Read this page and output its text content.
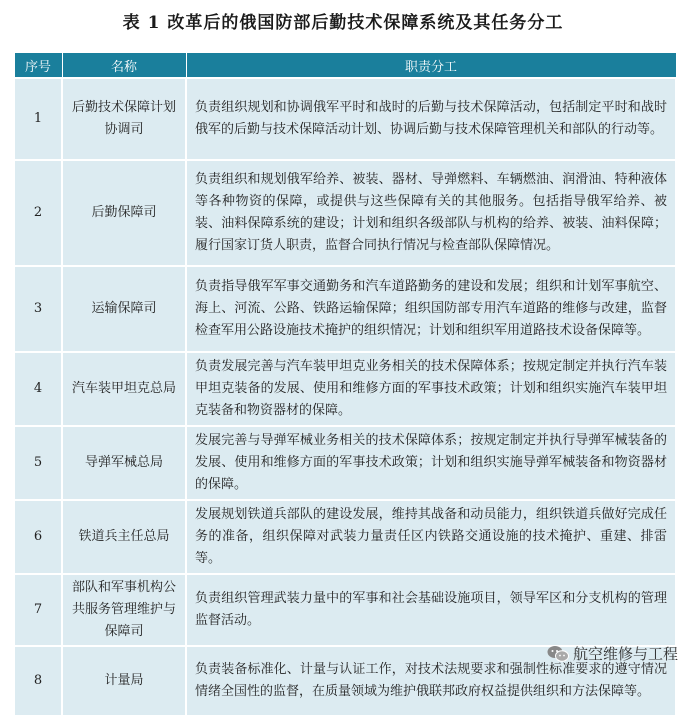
表 1 改革后的俄国防部后勤技术保障系统及其任务分工
序号	名称	职责分工
1	后勤技术保障计划协调司	负责组织规划和协调俄军平时和战时的后勤与技术保障活动，包括制定平时和战时俄军的后勤与技术保障活动计划、协调后勤与技术保障管理机关和部队的行动等。
2	后勤保障司	负责组织和规划俄军给养、被装、器材、导弹燃料、车辆燃油、润滑油、特种液体等各种物资的保障，或提供与这些保障有关的其他服务。包括指导俄军给养、被装、油料保障系统的建设；计划和组织各级部队与机构的给养、被装、油料保障；履行国家订货人职责，监督合同执行情况与检查部队保障情况。
3	运输保障司	负责指导俄军军事交通勤务和汽车道路勤务的建设和发展；组织和计划军事航空、海上、河流、公路、铁路运输保障；组织国防部专用汽车道路的维修与改建，监督检查军用公路设施技术掩护的组织情况；计划和组织军用道路技术设备保障等。
4	汽车装甲坦克总局	负责发展完善与汽车装甲坦克业务相关的技术保障体系；按规定制定并执行汽车装甲坦克装备的发展、使用和维修方面的军事技术政策；计划和组织实施汽车装甲坦克装备和物资器材的保障。
5	导弹军械总局	发展完善与导弹军械业务相关的技术保障体系；按规定制定并执行导弹军械装备的发展、使用和维修方面的军事技术政策；计划和组织实施导弹军械装备和物资器材的保障。
6	铁道兵主任总局	发展规划铁道兵部队的建设发展，维持其战备和动员能力，组织铁道兵做好完成任务的准备，组织保障对武装力量责任区内铁路交通设施的技术掩护、重建、排雷等。
7	部队和军事机构公共服务管理维护与保障司	负责组织管理武装力量中的军事和社会基础设施项目，领导军区和分支机构的管理监督活动。
8	计量局	负责装备标准化、计量与认证工作，对技术法规要求和强制性标准要求的遵守情况情绪全国性的监督，在质量领域为维护俄联邦政府权益提供组织和方法保障等。
航空维修与工程
